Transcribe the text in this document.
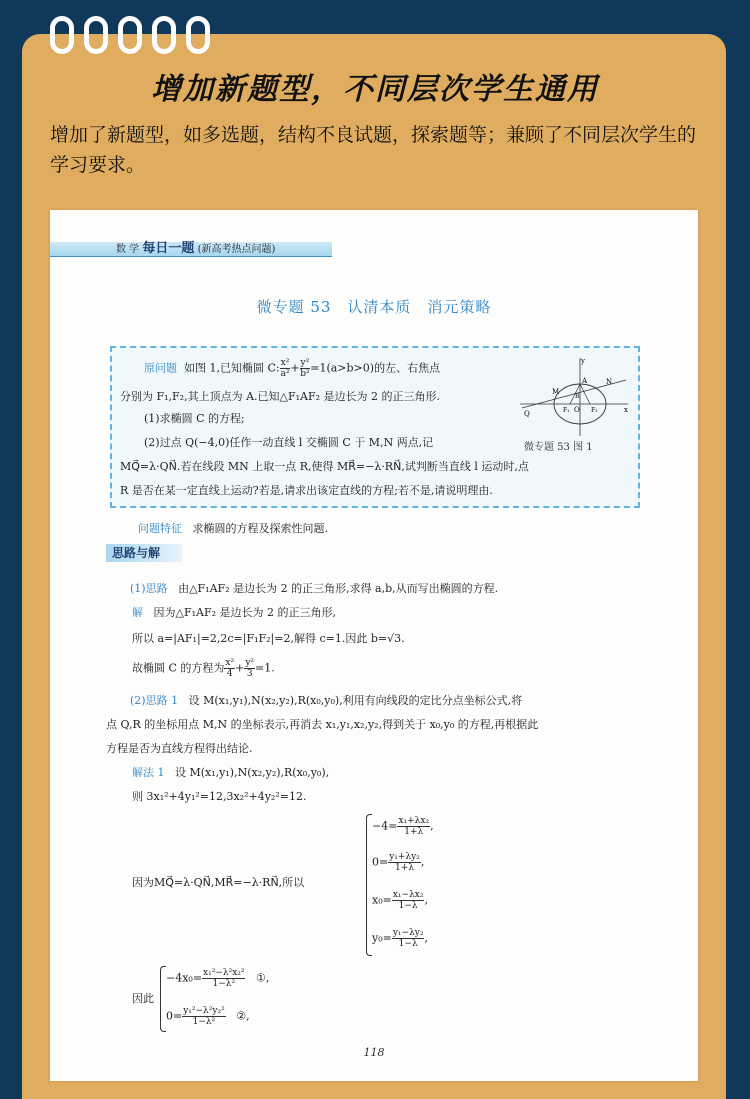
增加新题型，不同层次学生通用
增加了新题型，如多选题，结构不良试题，探索题等；兼顾了不同层次学生的学习要求。
数 学 每日一题 (新高考热点问题)
微专题 53　认清本质　消元策略
原问题 如图 1,已知椭圆 C: $\frac{\text{x²}}{\text{a²}} + \frac{\text{y²}}{\text{b²}} =1(a>b>0)$的左、右焦点
分别为 F₁,F₂,其上顶点为 A.已知△F₁AF₂ 是边长为 2 的正三角形.
(1)求椭圆 C 的方程;
(2)过点 Q(−4,0)任作一动直线 l 交椭圆 C 于 M,N 两点,记
MQ⃗=λ·QN⃗.若在线段 MN 上取一点 R,使得 MR⃗=−λ·RN⃗,试判断当直线 l 运动时,点
R 是否在某一定直线上运动?若是,请求出该定直线的方程;若不是,请说明理由.
y
A
M
N
Q	O
R
F₁	F₂	x
微专题 53 图 1
问题特征 求椭圆的方程及探索性问题.
思路与解
(1)思路 由△F₁AF₂ 是边长为 2 的正三角形,求得 a,b,从而写出椭圆的方程.
解 因为△F₁AF₂ 是边长为 2 的正三角形,
所以 a=|AF₁|=2,2c=|F₁F₂|=2,解得 c=1.因此 b=√3.
故椭圆 C 的方程为 $\frac{\text{x²}}{4} + \frac{\text{y²}}{3} =1$.
(2)思路 1 设 M(x₁,y₁),N(x₂,y₂),R(x₀,y₀),利用有向线段的定比分点坐标公式,将
点 Q,R 的坐标用点 M,N 的坐标表示,再消去 x₁,y₁,x₂,y₂,得到关于 x₀,y₀ 的方程,再根据此
方程是否为直线方程得出结论.
解法 1 设 M(x₁,y₁),N(x₂,y₂),R(x₀,y₀),
则 3x₁²+4y₁²=12,3x₂²+4y₂²=12.
因为MQ⃗=λ·QN⃗,MR⃗=−λ·RN⃗,所以
$-4= \frac{\text{x₁+λx₂}}{1+\lambda}$ ,
$0= \frac{\text{y₁+λy₂}}{1+\lambda}$ ,
$x_0= \frac{\text{x₁−λx₂}}{1-\lambda}$ ,
$y_0= \frac{\text{y₁−λy₂}}{1-\lambda}$ ,
因此
$-4x_0= \frac{\text{x₁²−λ²x₂²}}{\text{1−λ²}}$ ①,
$0= \frac{\text{y₁²−λ²y₂²}}{\text{1−λ²}}$ ②,
118
